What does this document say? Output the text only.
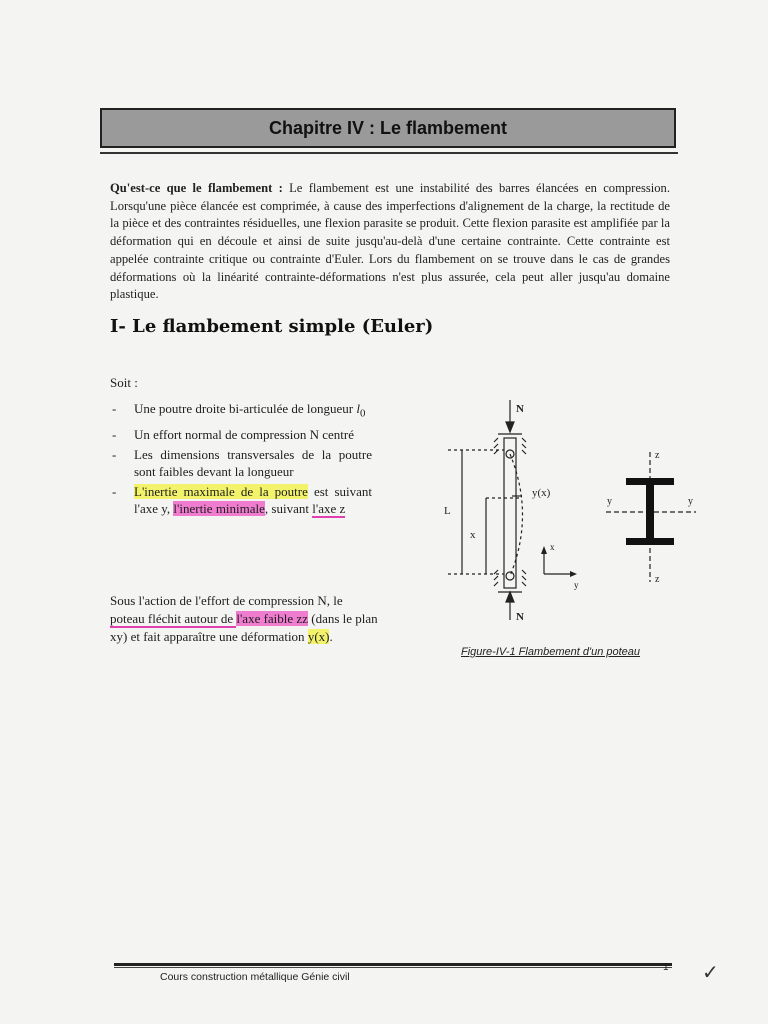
Chapitre IV : Le flambement
Qu'est-ce que le flambement : Le flambement est une instabilité des barres élancées en compression. Lorsqu'une pièce élancée est comprimée, à cause des imperfections d'alignement de la charge, la rectitude de la pièce et des contraintes résiduelles, une flexion parasite se produit. Cette flexion parasite est amplifiée par la déformation qui en découle et ainsi de suite jusqu'au-delà d'une certaine contrainte. Cette contrainte est appelée contrainte critique ou contrainte d'Euler. Lors du flambement on se trouve dans le cas de grandes déformations où la linéarité contrainte-déformations n'est plus assurée, cela peut aller jusqu'au domaine plastique.
I- Le flambement simple (Euler)
Soit :
- Une poutre droite bi-articulée de longueur $l_0$
- Un effort normal de compression N centré
- Les dimensions transversales de la poutre sont faibles devant la longueur
- L'inertie maximale de la poutre est suivant l'axe y, l'inertie minimale, suivant l'axe z
Sous l'action de l'effort de compression N, le poteau fléchit autour de l'axe faible zz (dans le plan xy) et fait apparaître une déformation y(x).
N
N
L
x
y(x)
x
y
z
z
y	y
Figure-IV-1 Flambement d'un poteau
Cours construction métallique Génie civil
1 ✓
